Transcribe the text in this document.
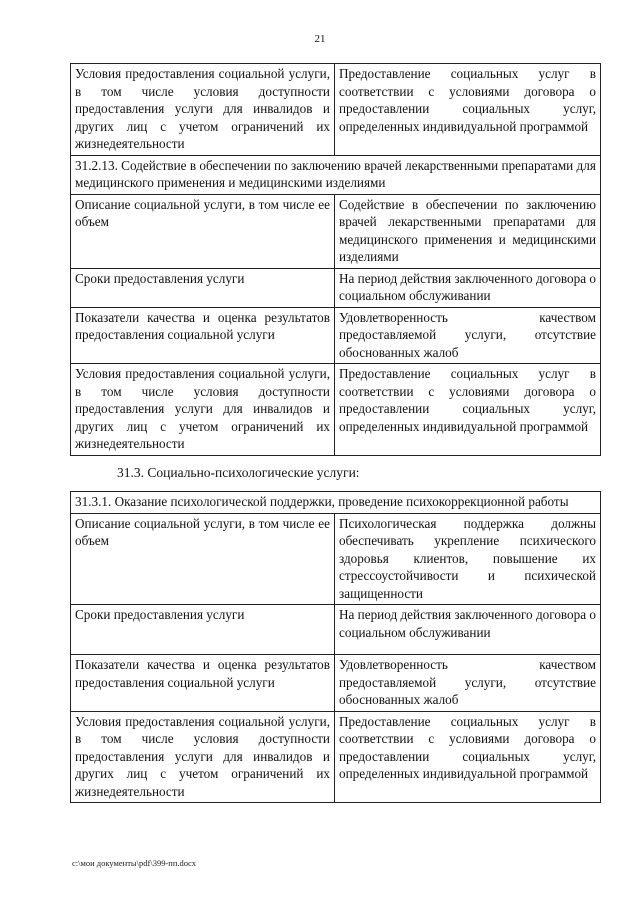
21
Условия предоставления социальной услуги, в том числе условия доступности предоставления услуги для инвалидов и других лиц с учетом ограничений их жизнедеятельности	Предоставление социальных услуг в соответствии с условиями договора о предоставлении социальных услуг, определенных индивидуальной программой
31.2.13. Содействие в обеспечении по заключению врачей лекарственными препаратами для медицинского применения и медицинскими изделиями	
Описание социальной услуги, в том числе ее объем	Содействие в обеспечении по заключению врачей лекарственными препаратами для медицинского применения и медицинскими изделиями
Сроки предоставления услуги	На период действия заключенного договора о социальном обслуживании
Показатели качества и оценка результатов предоставления социальной услуги	Удовлетворенность качеством предоставляемой услуги, отсутствие обоснованных жалоб
Условия предоставления социальной услуги, в том числе условия доступности предоставления услуги для инвалидов и других лиц с учетом ограничений их жизнедеятельности	Предоставление социальных услуг в соответствии с условиями договора о предоставлении социальных услуг, определенных индивидуальной программой
31.3. Социально-психологические услуги:
31.3.1. Оказание психологической поддержки, проведение психокоррекционной работы	
Описание социальной услуги, в том числе ее объем	Психологическая поддержка должны обеспечивать укрепление психического здоровья клиентов, повышение их стрессоустойчивости и психической защищенности
Сроки предоставления услуги	На период действия заключенного договора о социальном обслуживании
Показатели качества и оценка результатов предоставления социальной услуги	Удовлетворенность качеством предоставляемой услуги, отсутствие обоснованных жалоб
Условия предоставления социальной услуги, в том числе условия доступности предоставления услуги для инвалидов и других лиц с учетом ограничений их жизнедеятельности	Предоставление социальных услуг в соответствии с условиями договора о предоставлении социальных услуг, определенных индивидуальной программой
c:\мои документы\pdf\399-пп.docx
